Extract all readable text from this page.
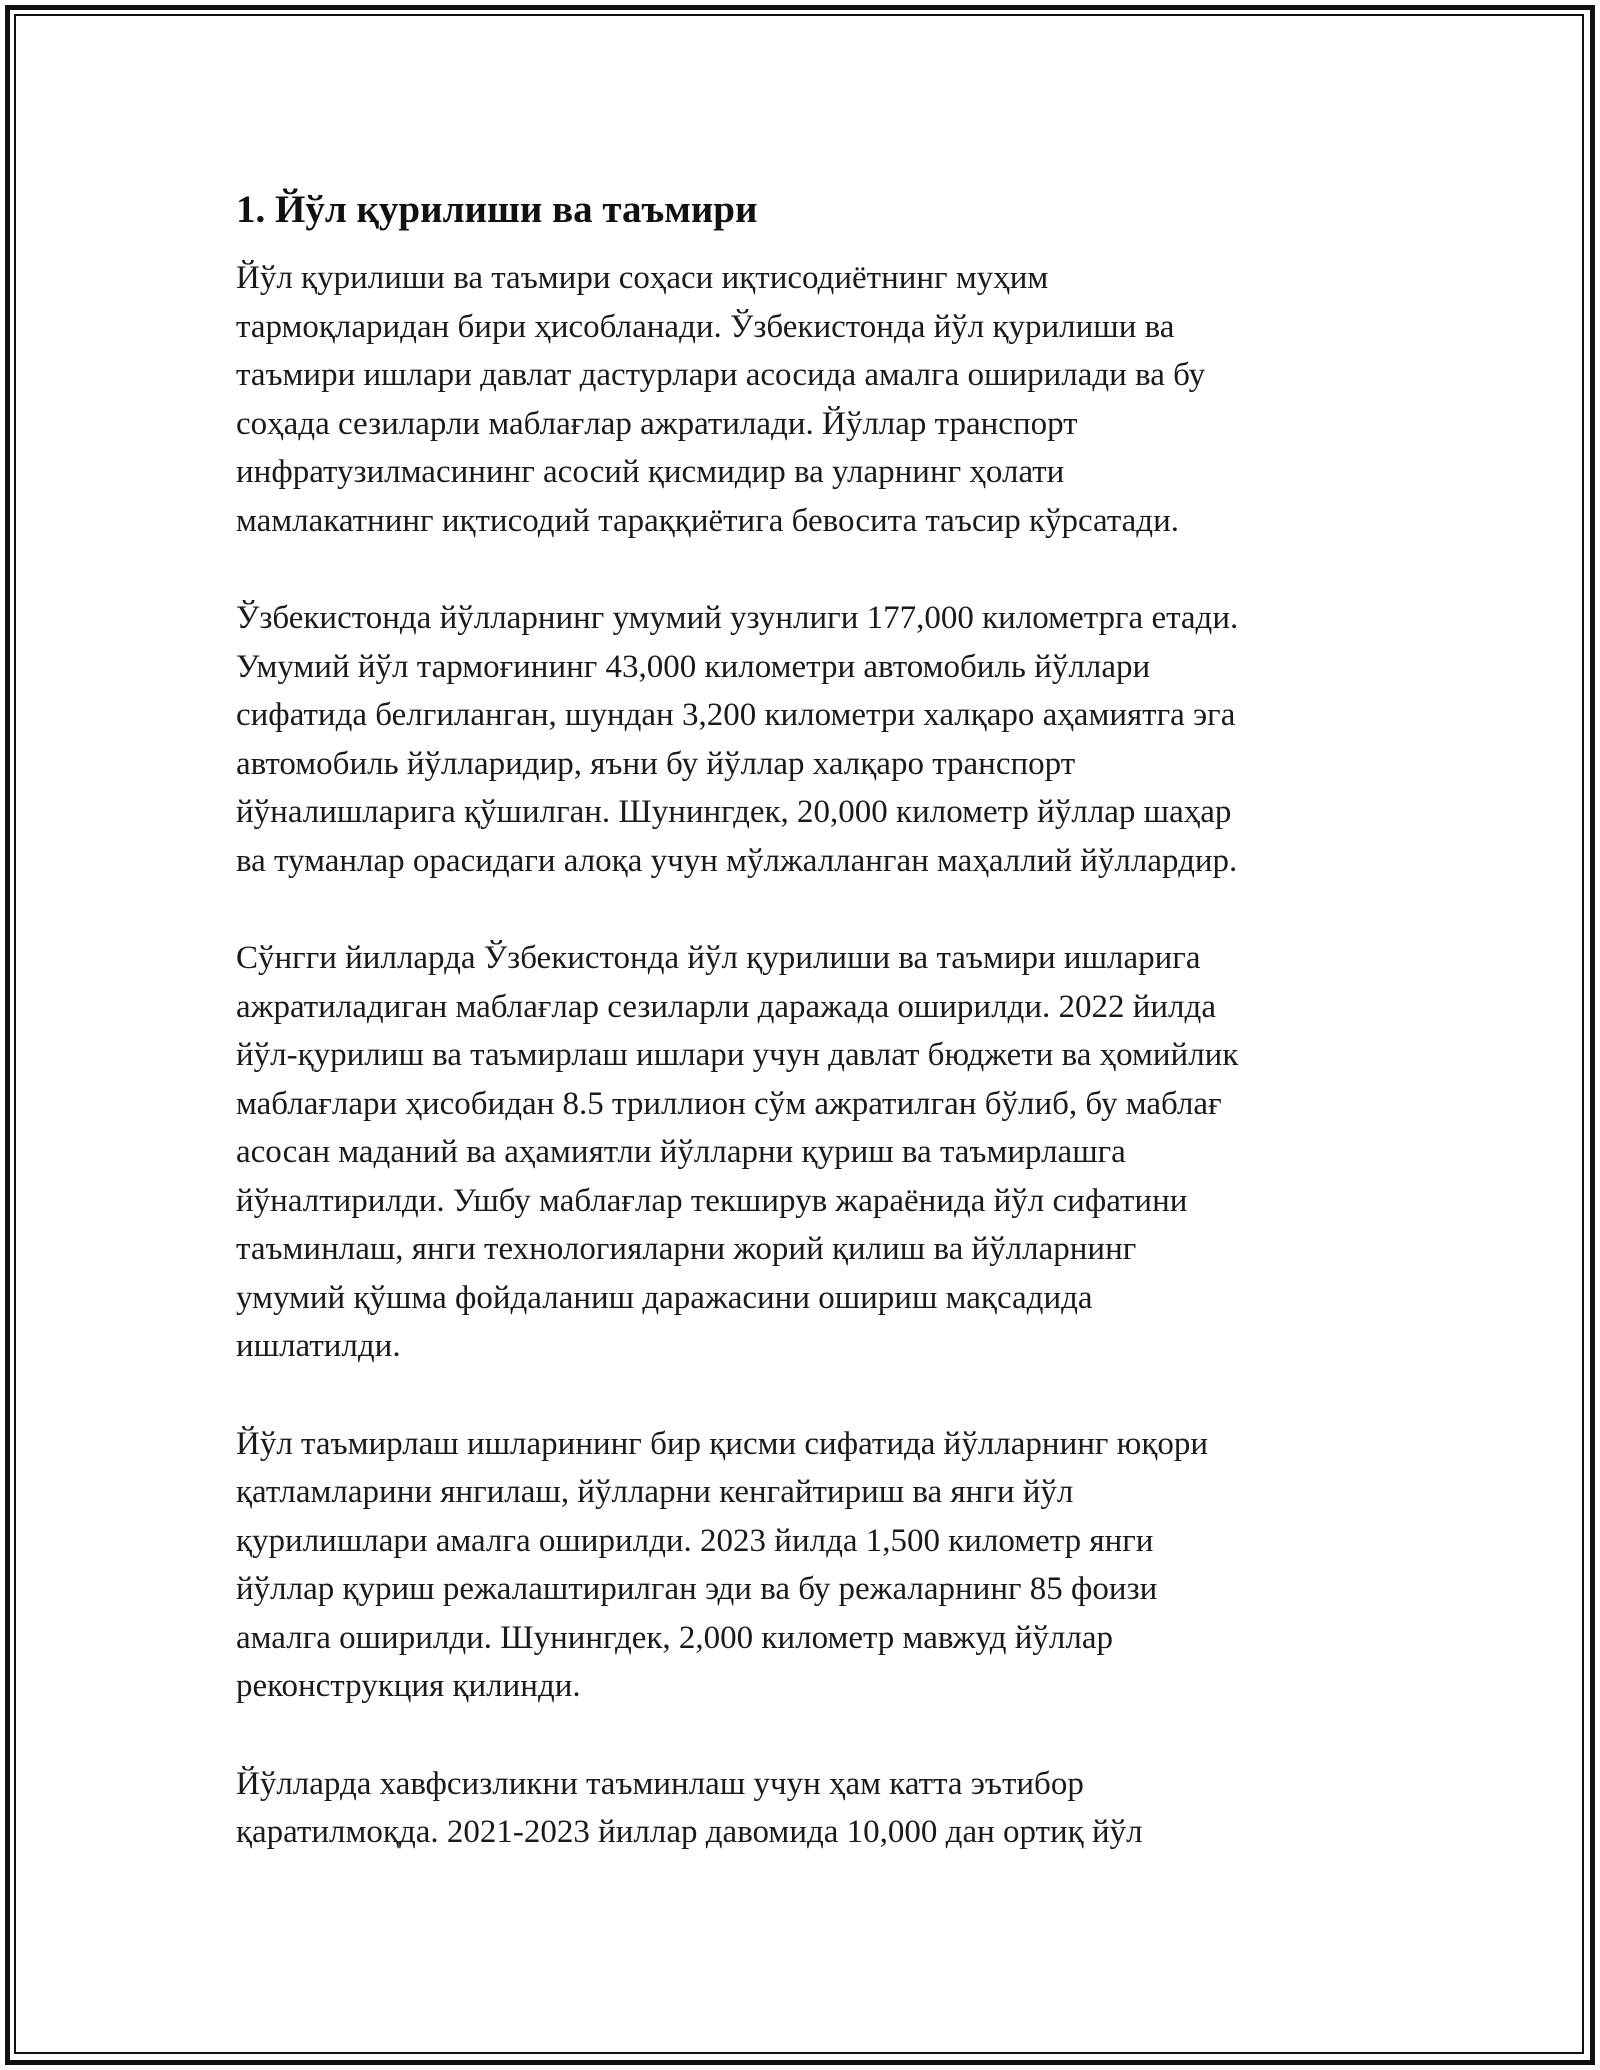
1. Йўл қурилиши ва таъмири
Йўл қурилиши ва таъмири соҳаси иқтисодиётнинг муҳим
тармоқларидан бири ҳисобланади. Ўзбекистонда йўл қурилиши ва
таъмири ишлари давлат дастурлари асосида амалга оширилади ва бу
соҳада сезиларли маблағлар ажратилади. Йўллар транспорт
инфратузилмасининг асосий қисмидир ва уларнинг ҳолати
мамлакатнинг иқтисодий тараққиётига бевосита таъсир кўрсатади.
Ўзбекистонда йўлларнинг умумий узунлиги 177,000 километрга етади.
Умумий йўл тармоғининг 43,000 километри автомобиль йўллари
сифатида белгиланган, шундан 3,200 километри халқаро аҳамиятга эга
автомобиль йўлларидир, яъни бу йўллар халқаро транспорт
йўналишларига қўшилган. Шунингдек, 20,000 километр йўллар шаҳар
ва туманлар орасидаги алоқа учун мўлжалланган маҳаллий йўллардир.
Сўнгги йилларда Ўзбекистонда йўл қурилиши ва таъмири ишларига
ажратиладиган маблағлар сезиларли даражада оширилди. 2022 йилда
йўл-қурилиш ва таъмирлаш ишлари учун давлат бюджети ва ҳомийлик
маблағлари ҳисобидан 8.5 триллион сўм ажратилган бўлиб, бу маблағ
асосан маданий ва аҳамиятли йўлларни қуриш ва таъмирлашга
йўналтирилди. Ушбу маблағлар текширув жараёнида йўл сифатини
таъминлаш, янги технологияларни жорий қилиш ва йўлларнинг
умумий қўшма фойдаланиш даражасини ошириш мақсадида
ишлатилди.
Йўл таъмирлаш ишларининг бир қисми сифатида йўлларнинг юқори
қатламларини янгилаш, йўлларни кенгайтириш ва янги йўл
қурилишлари амалга оширилди. 2023 йилда 1,500 километр янги
йўллар қуриш режалаштирилган эди ва бу режаларнинг 85 фоизи
амалга оширилди. Шунингдек, 2,000 километр мавжуд йўллар
реконструкция қилинди.
Йўлларда хавфсизликни таъминлаш учун ҳам катта эътибор
қаратилмоқда. 2021-2023 йиллар давомида 10,000 дан ортиқ йўл
